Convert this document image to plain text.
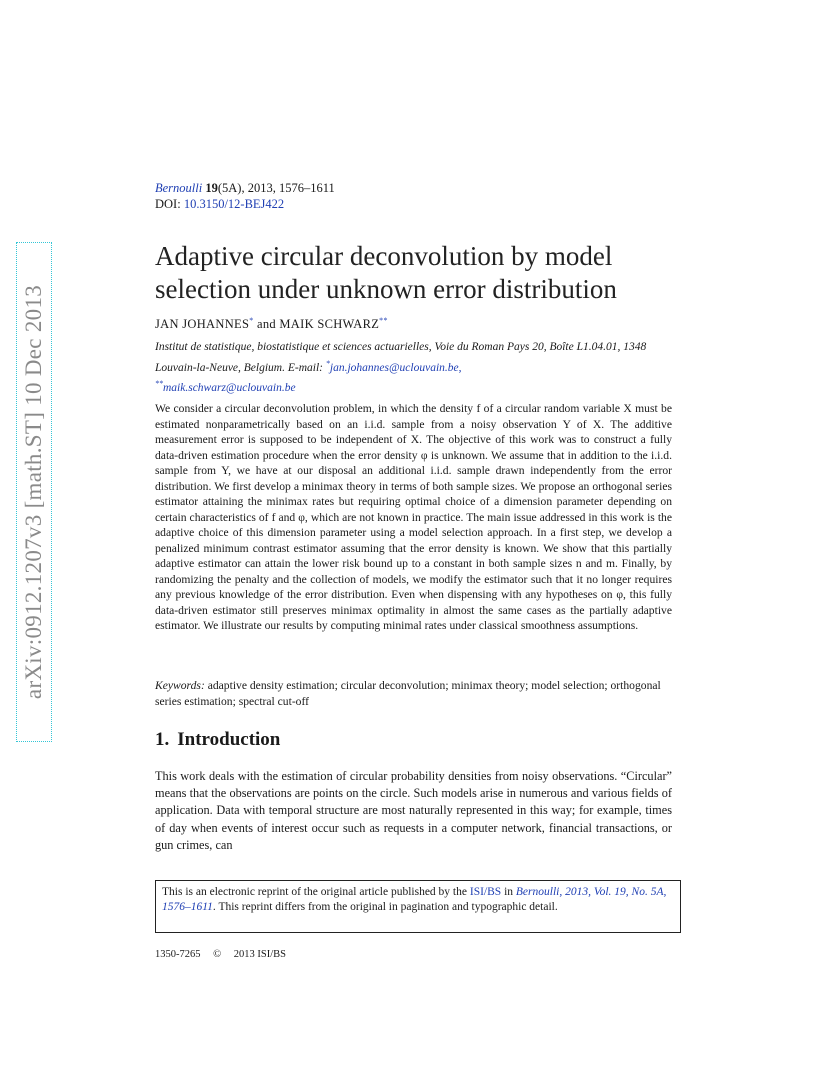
arXiv:0912.1207v3 [math.ST] 10 Dec 2013
Bernoulli 19(5A), 2013, 1576–1611
DOI: 10.3150/12-BEJ422
Adaptive circular deconvolution by model selection under unknown error distribution
JAN JOHANNES* and MAIK SCHWARZ**
Institut de statistique, biostatistique et sciences actuarielles, Voie du Roman Pays 20, Boîte L1.04.01, 1348 Louvain-la-Neuve, Belgium. E-mail: *jan.johannes@uclouvain.be,
**maik.schwarz@uclouvain.be
We consider a circular deconvolution problem, in which the density f of a circular random variable X must be estimated nonparametrically based on an i.i.d. sample from a noisy observation Y of X. The additive measurement error is supposed to be independent of X. The objective of this work was to construct a fully data-driven estimation procedure when the error density φ is unknown. We assume that in addition to the i.i.d. sample from Y, we have at our disposal an additional i.i.d. sample drawn independently from the error distribution. We first develop a minimax theory in terms of both sample sizes. We propose an orthogonal series estimator attaining the minimax rates but requiring optimal choice of a dimension parameter depending on certain characteristics of f and φ, which are not known in practice. The main issue addressed in this work is the adaptive choice of this dimension parameter using a model selection approach. In a first step, we develop a penalized minimum contrast estimator assuming that the error density is known. We show that this partially adaptive estimator can attain the lower risk bound up to a constant in both sample sizes n and m. Finally, by randomizing the penalty and the collection of models, we modify the estimator such that it no longer requires any previous knowledge of the error distribution. Even when dispensing with any hypotheses on φ, this fully data-driven estimator still preserves minimax optimality in almost the same cases as the partially adaptive estimator. We illustrate our results by computing minimal rates under classical smoothness assumptions.
Keywords: adaptive density estimation; circular deconvolution; minimax theory; model selection; orthogonal series estimation; spectral cut-off
1. Introduction
This work deals with the estimation of circular probability densities from noisy observations. “Circular” means that the observations are points on the circle. Such models arise in numerous and various fields of application. Data with temporal structure are most naturally represented in this way; for example, times of day when events of interest occur such as requests in a computer network, financial transactions, or gun crimes, can
This is an electronic reprint of the original article published by the ISI/BS in Bernoulli, 2013, Vol. 19, No. 5A, 1576–1611. This reprint differs from the original in pagination and typographic detail.
1350-7265 © 2013 ISI/BS
